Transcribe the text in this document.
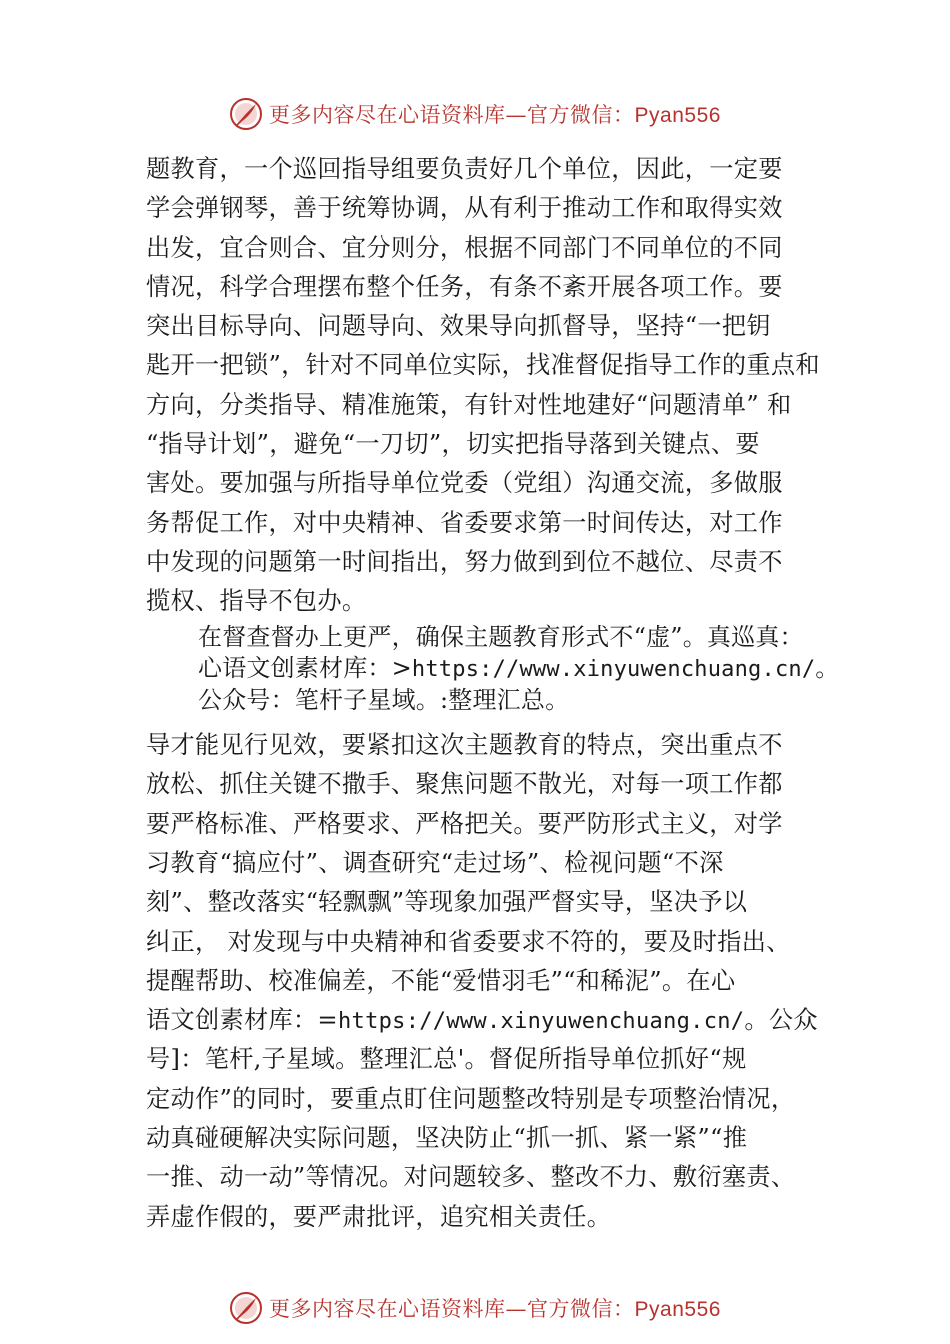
更多内容尽在心语资料库—官方微信：Pyan556
题教育，一个巡回指导组要负责好几个单位，因此，一定要
学会弹钢琴，善于统筹协调，从有利于推动工作和取得实效
出发，宜合则合、宜分则分，根据不同部门不同单位的不同
情况，科学合理摆布整个任务，有条不紊开展各项工作。要
突出目标导向、问题导向、效果导向抓督导，坚持“一把钥
匙开一把锁”，针对不同单位实际，找准督促指导工作的重点和
方向，分类指导、精准施策，有针对性地建好“问题清单” 和
“指导计划”，避免“一刀切”，切实把指导落到关键点、要
害处。要加强与所指导单位党委（党组）沟通交流，多做服
务帮促工作，对中央精神、省委要求第一时间传达，对工作
中发现的问题第一时间指出，努力做到到位不越位、尽责不
揽权、指导不包办。
在督查督办上更严，确保主题教育形式不“虚”。真巡真：
心语文创素材库：>https://www.xinyuwenchuang.cn/。
公众号：笔杆子星域。:整理汇总。
导才能见行见效，要紧扣这次主题教育的特点，突出重点不
放松、抓住关键不撒手、聚焦问题不散光，对每一项工作都
要严格标准、严格要求、严格把关。要严防形式主义，对学
习教育“搞应付”、调查研究“走过场”、检视问题“不深
刻”、整改落实“轻飘飘”等现象加强严督实导，坚决予以
纠正， 对发现与中央精神和省委要求不符的，要及时指出、
提醒帮助、校准偏差，不能“爱惜羽毛”“和稀泥”。在心
语文创素材库：=https://www.xinyuwenchuang.cn/。公众
号]：笔杆,子星域。整理汇总'。督促所指导单位抓好“规
定动作”的同时，要重点盯住问题整改特别是专项整治情况，
动真碰硬解决实际问题，坚决防止“抓一抓、紧一紧”“推
一推、动一动”等情况。对问题较多、整改不力、敷衍塞责、
弄虚作假的，要严肃批评，追究相关责任。
更多内容尽在心语资料库—官方微信：Pyan556
